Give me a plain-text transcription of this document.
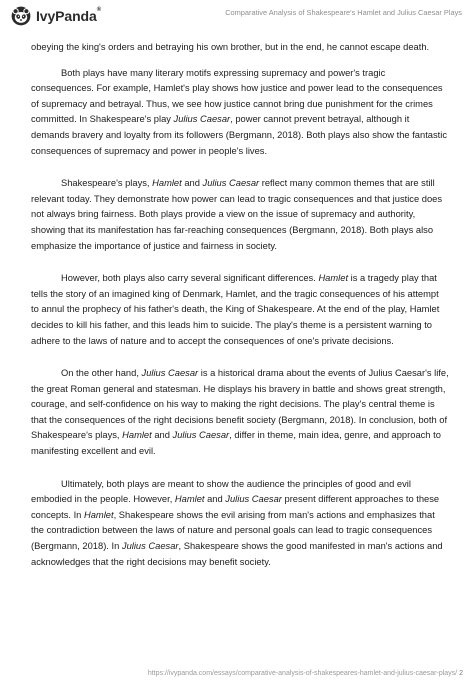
IvyPanda®	Comparative Analysis of Shakespeare's Hamlet and Julius Caesar Plays

obeying the king's orders and betraying his own brother, but in the end, he cannot escape death.

Both plays have many literary motifs expressing supremacy and power's tragic consequences. For example, Hamlet's play shows how justice and power lead to the consequences of supremacy and betrayal. Thus, we see how justice cannot bring due punishment for the crimes committed. In Shakespeare's play Julius Caesar, power cannot prevent betrayal, although it demands bravery and loyalty from its followers (Bergmann, 2018). Both plays also show the fantastic consequences of supremacy and power in people's lives.

Shakespeare's plays, Hamlet and Julius Caesar reflect many common themes that are still relevant today. They demonstrate how power can lead to tragic consequences and that justice does not always bring fairness. Both plays provide a view on the issue of supremacy and authority, showing that its manifestation has far-reaching consequences (Bergmann, 2018). Both plays also emphasize the importance of justice and fairness in society.

However, both plays also carry several significant differences. Hamlet is a tragedy play that tells the story of an imagined king of Denmark, Hamlet, and the tragic consequences of his attempt to annul the prophecy of his father's death, the King of Shakespeare. At the end of the play, Hamlet decides to kill his father, and this leads him to suicide. The play's theme is a persistent warning to adhere to the laws of nature and to accept the consequences of one's private decisions.

On the other hand, Julius Caesar is a historical drama about the events of Julius Caesar's life, the great Roman general and statesman. He displays his bravery in battle and shows great strength, courage, and self-confidence on his way to making the right decisions. The play's central theme is that the consequences of the right decisions benefit society (Bergmann, 2018). In conclusion, both of Shakespeare's plays, Hamlet and Julius Caesar, differ in theme, main idea, genre, and approach to manifesting excellent and evil.

Ultimately, both plays are meant to show the audience the principles of good and evil embodied in the people. However, Hamlet and Julius Caesar present different approaches to these concepts. In Hamlet, Shakespeare shows the evil arising from man's actions and emphasizes that the contradiction between the laws of nature and personal goals can lead to tragic consequences (Bergmann, 2018). In Julius Caesar, Shakespeare shows the good manifested in man's actions and acknowledges that the right decisions may benefit society.

https://ivypanda.com/essays/comparative-analysis-of-shakespeares-hamlet-and-julius-caesar-plays/ 2
